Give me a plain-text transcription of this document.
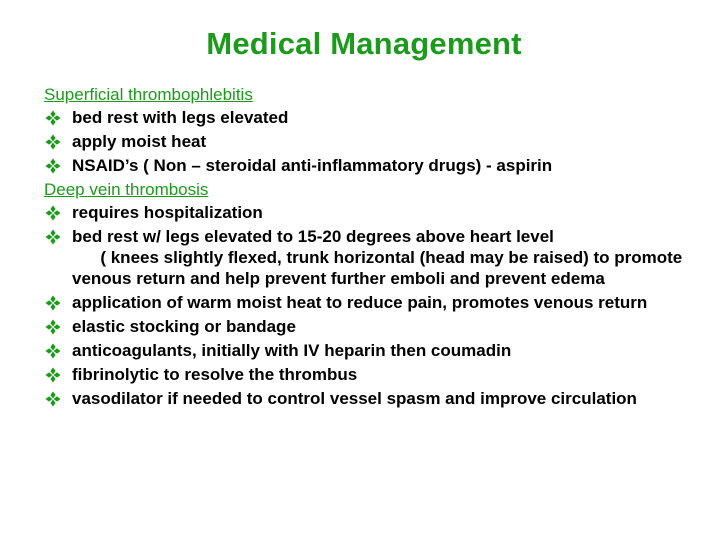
Medical Management
Superficial thrombophlebitis
bed rest with legs elevated
apply moist heat
NSAID’s ( Non – steroidal anti-inflammatory drugs) - aspirin
Deep vein thrombosis
requires hospitalization
bed rest w/ legs elevated to 15-20 degrees above heart level
( knees slightly flexed, trunk horizontal (head may be raised) to promote venous return and help prevent further emboli and prevent edema
application of warm moist heat to reduce pain, promotes venous return
elastic stocking or bandage
anticoagulants, initially with IV heparin then coumadin
fibrinolytic to resolve the thrombus
vasodilator if needed to control vessel spasm and improve circulation
